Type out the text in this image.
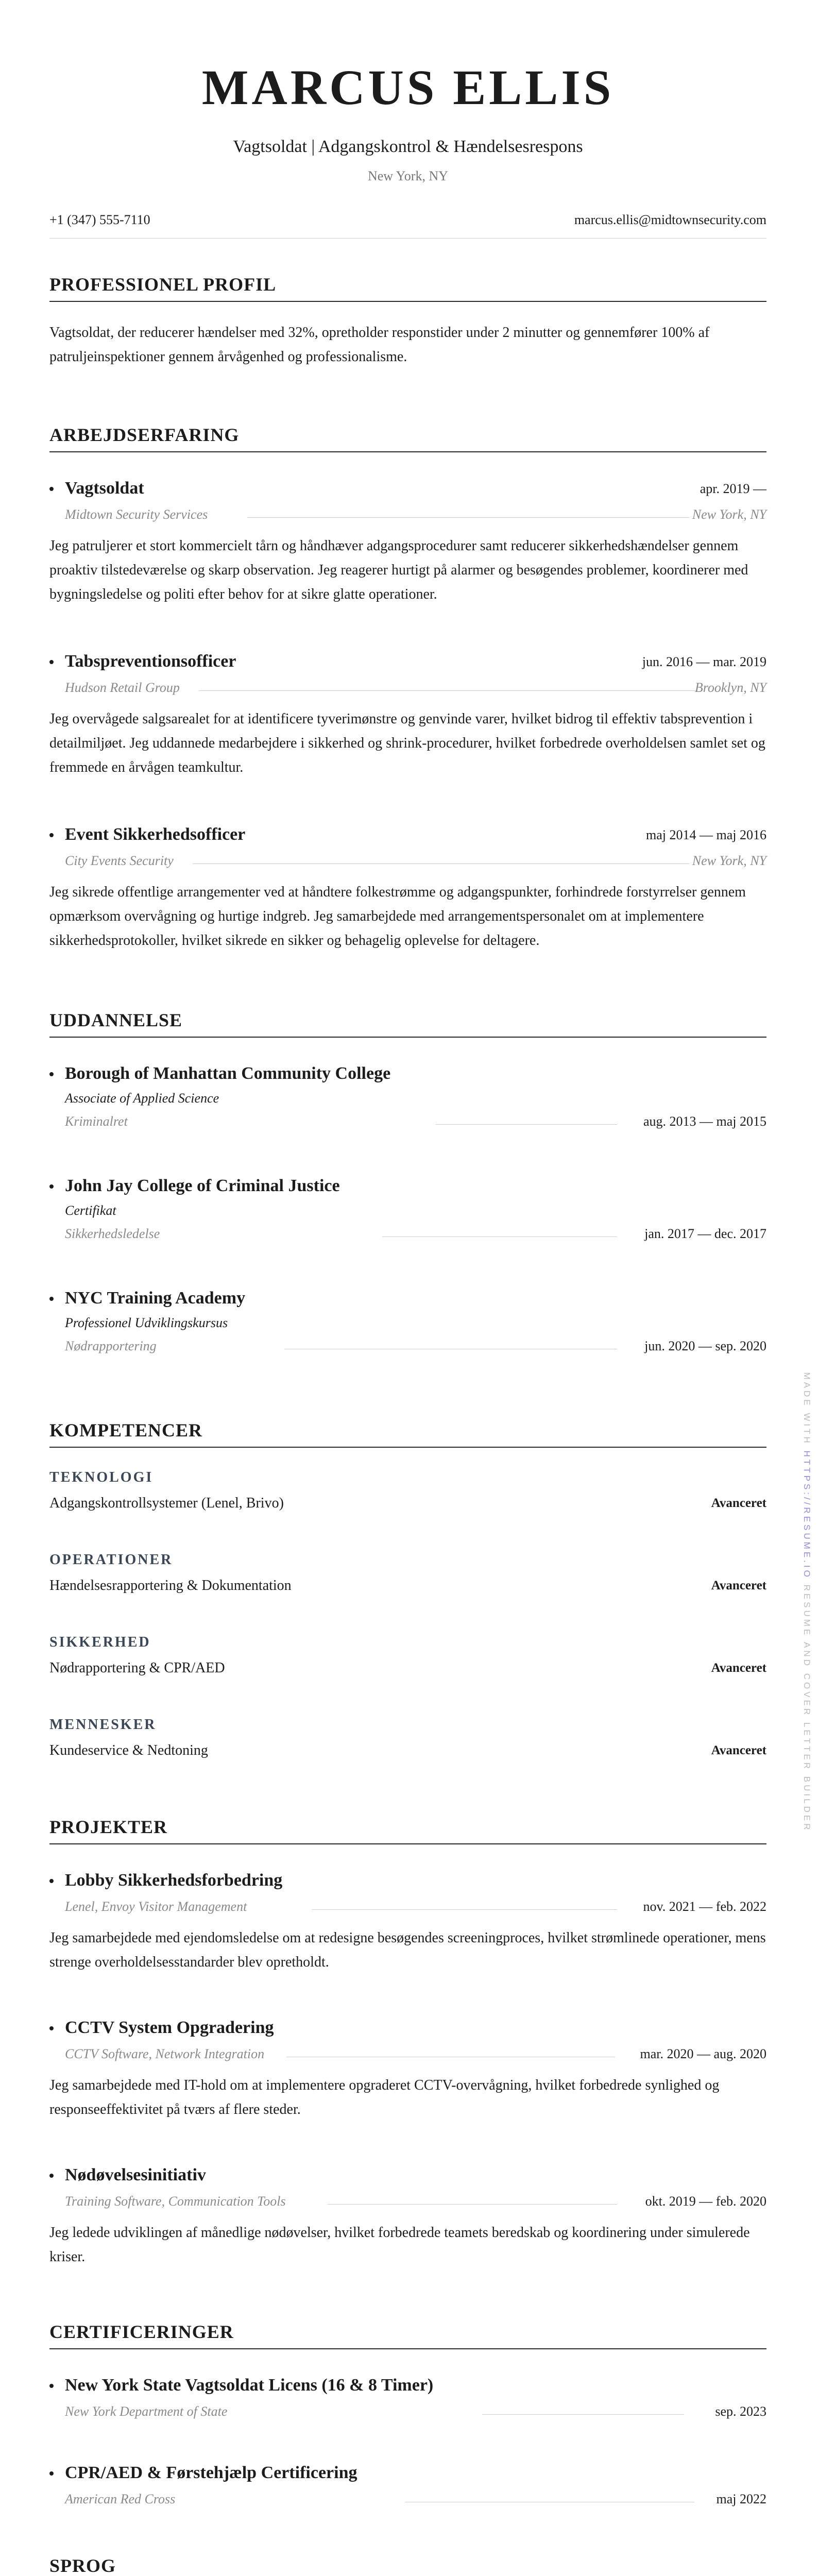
MARCUS ELLIS
Vagtsoldat | Adgangskontrol & Hændelsesrespons
New York, NY
+1 (347) 555-7110	marcus.ellis@midtownsecurity.com
PROFESSIONEL PROFIL
Vagtsoldat, der reducerer hændelser med 32%, opretholder responstider under 2 minutter og gennemfører 100% af patruljeinspektioner gennem årvågenhed og professionalisme.
ARBEJDSERFARING
Vagtsoldat	apr. 2019 —
Midtown Security Services	New York, NY
Jeg patruljerer et stort kommercielt tårn og håndhæver adgangsprocedurer samt reducerer sikkerhedshændelser gennem proaktiv tilstedeværelse og skarp observation. Jeg reagerer hurtigt på alarmer og besøgendes problemer, koordinerer med bygningsledelse og politi efter behov for at sikre glatte operationer.
Tabspreventionsofficer	jun. 2016 — mar. 2019
Hudson Retail Group	Brooklyn, NY
Jeg overvågede salgsarealet for at identificere tyverimønstre og genvinde varer, hvilket bidrog til effektiv tabsprevention i detailmiljøet. Jeg uddannede medarbejdere i sikkerhed og shrink-procedurer, hvilket forbedrede overholdelsen samlet set og fremmede en årvågen teamkultur.
Event Sikkerhedsofficer	maj 2014 — maj 2016
City Events Security	New York, NY
Jeg sikrede offentlige arrangementer ved at håndtere folkestrømme og adgangspunkter, forhindrede forstyrrelser gennem opmærksom overvågning og hurtige indgreb. Jeg samarbejdede med arrangementspersonalet om at implementere sikkerhedsprotokoller, hvilket sikrede en sikker og behagelig oplevelse for deltagere.
UDDANNELSE
Borough of Manhattan Community College
Associate of Applied Science
Kriminalret	aug. 2013 — maj 2015
John Jay College of Criminal Justice
Certifikat
Sikkerhedsledelse	jan. 2017 — dec. 2017
NYC Training Academy
Professionel Udviklingskursus
Nødrapportering	jun. 2020 — sep. 2020
KOMPETENCER
TEKNOLOGI
Adgangskontrollsystemer (Lenel, Brivo)	Avanceret
OPERATIONER
Hændelsesrapportering & Dokumentation	Avanceret
SIKKERHED
Nødrapportering & CPR/AED	Avanceret
MENNESKER
Kundeservice & Nedtoning	Avanceret
PROJEKTER
Lobby Sikkerhedsforbedring
Lenel, Envoy Visitor Management	nov. 2021 — feb. 2022
Jeg samarbejdede med ejendomsledelse om at redesigne besøgendes screeningproces, hvilket strømlinede operationer, mens strenge overholdelsesstandarder blev opretholdt.
CCTV System Opgradering
CCTV Software, Network Integration	mar. 2020 — aug. 2020
Jeg samarbejdede med IT-hold om at implementere opgraderet CCTV-overvågning, hvilket forbedrede synlighed og responseeffektivitet på tværs af flere steder.
Nødøvelsesinitiativ
Training Software, Communication Tools	okt. 2019 — feb. 2020
Jeg ledede udviklingen af månedlige nødøvelser, hvilket forbedrede teamets beredskab og koordinering under simulerede kriser.
CERTIFICERINGER
New York State Vagtsoldat Licens (16 & 8 Timer)
New York Department of State	sep. 2023
CPR/AED & Førstehjælp Certificering
American Red Cross	maj 2022
SPROG
MADE WITH HTTPS://RESUME.IO RESUME AND COVER LETTER BUILDER
